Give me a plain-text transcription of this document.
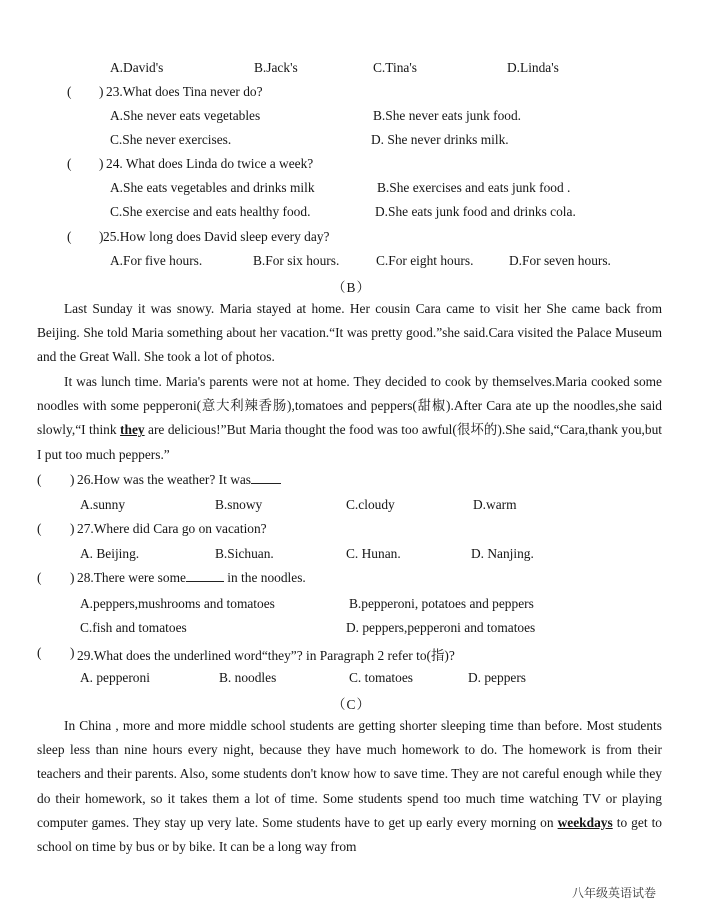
A.David's	B.Jack's	C.Tina's	D.Linda's
( ) 23.What does Tina never do?
A.She never eats vegetables	B.She never eats junk food.
C.She never exercises.	D. She never drinks milk.
( ) 24. What does Linda do twice a week?
A.She eats vegetables and drinks milk	B.She exercises and eats junk food .
C.She exercise and eats healthy food.	D.She eats junk food and drinks cola.
( ) 25.How long does David sleep every day?
A.For five hours.	B.For six hours.	C.For eight hours.	D.For seven hours.
（B）

Last Sunday it was snowy. Maria stayed at home. Her cousin Cara came to visit her She came back from Beijing. She told Maria something about her vacation.“It was pretty good.”she said.Cara visited the Palace Museum and the Great Wall. She took a lot of photos.

It was lunch time. Maria's parents were not at home. They decided to cook by themselves.Maria cooked some noodles with some pepperoni(意大利辣香肠),tomatoes and peppers(甜椒).After Cara ate up the noodles,she said slowly,“I think they are delicious!”But Maria thought the food was too awful(很坏的).She said,“Cara,thank you,but I put too much peppers.”

( ) 26.How was the weather? It was
A.sunny	B.snowy	C.cloudy	D.warm
( ) 27.Where did Cara go on vacation?
A. Beijing.	B.Sichuan.	C. Hunan.	D. Nanjing.
( ) 28.There were some	in the noodles.
A.peppers,mushrooms and tomatoes	B.pepperoni, potatoes and peppers
C.fish and tomatoes	D. peppers,pepperoni and tomatoes
( ) 29.What does the underlined word“they”? in Paragraph 2 refer to(指)?
A. pepperoni	B. noodles	C. tomatoes	D. peppers
（C）

In China , more and more middle school students are getting shorter sleeping time than before. Most students sleep less than nine hours every night, because they have much homework to do. The homework is from their teachers and their parents. Also, some students don't know how to save time. They are not careful enough while they do their homework, so it takes them a lot of time. Some students spend too much time watching TV or playing computer games. They stay up very late. Some students have to get up early every morning on weekdays to get to school on time by bus or by bike. It can be a long way from

八年级英语试卷
